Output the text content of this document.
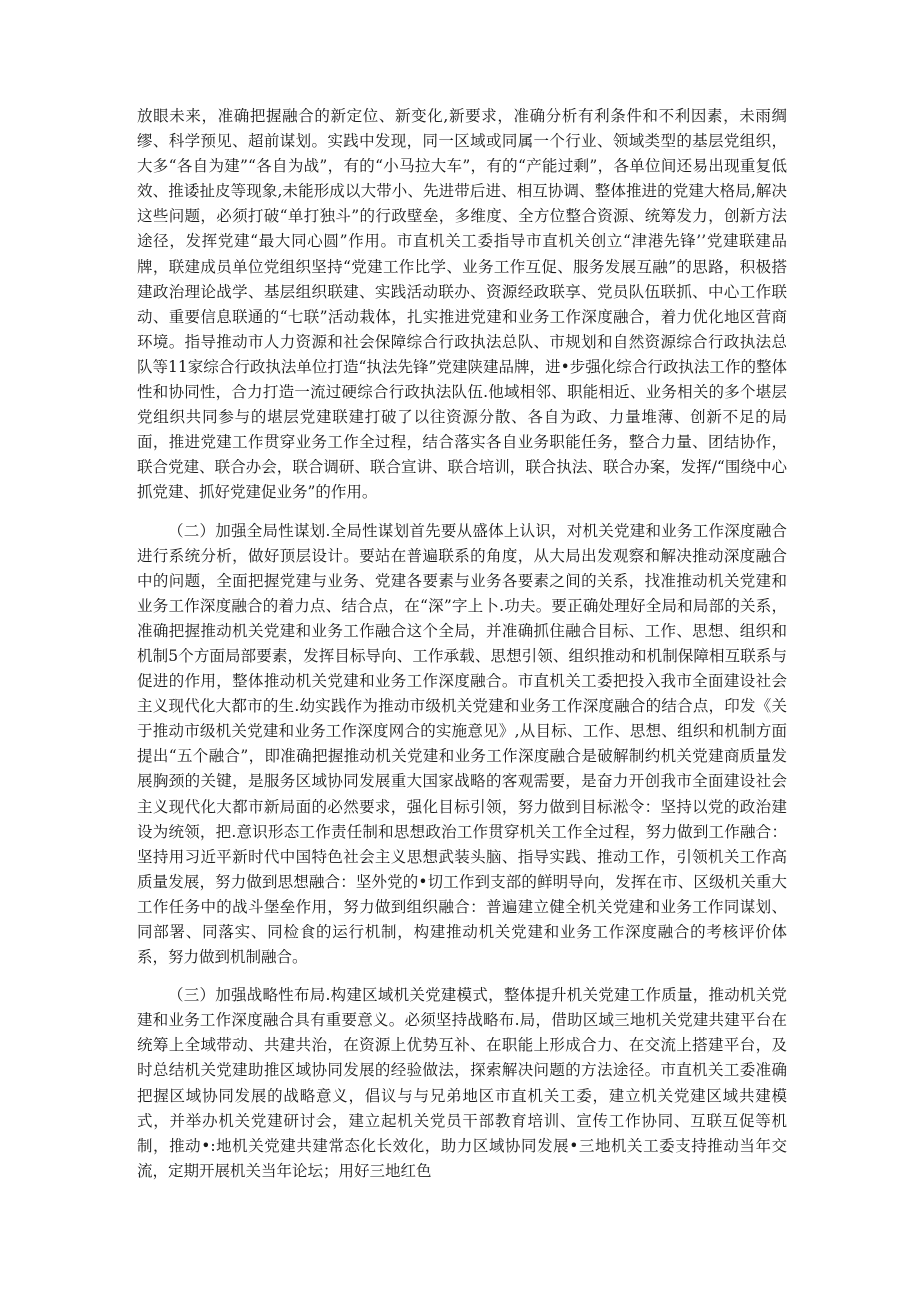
放眼未来，准确把握融合的新定位、新变化,新要求，准确分析有利条件和不利因素，未雨绸缪、科学预见、超前谋划。实践中发现，同一区域或同属一个行业、领域类型的基层党组织，大多“各自为建”“各自为战”，有的“小马拉大车”，有的“产能过剩”，各单位间还易出现重复低效、推诿扯皮等现象,未能形成以大带小、先进带后进、相互协调、整体推进的党建大格局,解决这些问题，必须打破“单打独斗”的行政壁垒，多维度、全方位整合资源、统筹发力，创新方法途径，发挥党建“最大同心圆”作用。市直机关工委指导市直机关创立“津港先锋’’党建联建品牌，联建成员单位党组织坚持“党建工作比学、业务工作互促、服务发展互融”的思路，积极搭建政治理论战学、基层组织联建、实践活动联办、资源经政联享、党员队伍联抓、中心工作联动、重要信息联通的“七联”活动栽体，扎实推进党建和业务工作深度融合，着力优化地区营商环境。指导推动市人力资源和社会保障综合行政执法总队、市规划和自然资源综合行政执法总队等11家综合行政执法单位打造“执法先锋”党建陕建品牌，进•步强化综合行政执法工作的整体性和协同性，合力打造一流过硬综合行政执法队伍.他域相邻、职能相近、业务相关的多个堪层党组织共同参与的堪层党建联建打破了以往资源分散、各自为政、力量堆薄、创新不足的局面，推进党建工作贯穿业务工作全过程，结合落实各自业务职能任务，整合力量、团结协作，联合党建、联合办会，联合调研、联合宣讲、联合培训，联合执法、联合办案，发挥/“围绕中心抓党建、抓好党建促业务”的作用。

（二）加强全局性谋划.全局性谋划首先要从盛体上认识，对机关党建和业务工作深度融合进行系统分析，做好顶层设计。要站在普遍联系的角度，从大局出发观察和解决推动深度融合中的问题，全面把握党建与业务、党建各要素与业务各要素之间的关系，找准推动机关党建和业务工作深度融合的着力点、结合点，在“深”字上卜.功夫。要正确处理好全局和局部的关系，准确把握推动机关党建和业务工作融合这个全局，并准确抓住融合目标、工作、思想、组织和机制5个方面局部要素，发挥目标导向、工作承载、思想引领、组织推动和机制保障相互联系与促进的作用，整体推动机关党建和业务工作深度融合。市直机关工委把投入我市全面建设社会主义现代化大都市的生.幼实践作为推动市级机关党建和业务工作深度融合的结合点，印发《关于推动市级机关党建和业务工作深度网合的实施意见》,从目标、工作、思想、组织和机制方面提出“五个融合”，即准确把握推动机关党建和业务工作深度融合是破解制约机关党建商质量发展胸颈的关键，是服务区域协同发展重大国家战略的客观需要，是奋力开创我市全面建设社会主义现代化大都市新局面的必然要求，强化目标引领，努力做到目标淞令：坚持以党的政治建设为统领，把.意识形态工作责任制和思想政治工作贯穿机关工作全过程，努力做到工作融合：坚持用习近平新时代中国特色社会主义思想武装头脑、指导实践、推动工作，引领机关工作高质量发展，努力做到思想融合：坚外党的•切工作到支部的鲜明导向，发挥在市、区级机关重大工作任务中的战斗堡垒作用，努力做到组织融合：普遍建立健全机关党建和业务工作同谋划、同部署、同落实、同检食的运行机制，构建推动机关党建和业务工作深度融合的考核评价体系，努力做到机制融合。

（三）加强战略性布局.构建区域机关党建模式，整体提升机关党建工作质量，推动机关党建和业务工作深度融合具有重要意义。必须坚持战略布.局，借助区域三地机关党建共建平台在统筹上全域带动、共建共治，在资源上优势互补、在职能上形成合力、在交流上搭建平台，及时总结机关党建助推区域协同发展的经验做法，探索解决问题的方法途径。市直机关工委准确把握区域协同发展的战略意义，倡议与与兄弟地区市直机关工委，建立机关党建区域共建模式，并举办机关党建研讨会，建立起机关党员干部教育培训、宣传工作协同、互联互促等机制，推动•:地机关党建共建常态化长效化，助力区域协同发展•三地机关工委支持推动当年交流，定期开展机关当年论坛；用好三地红色
